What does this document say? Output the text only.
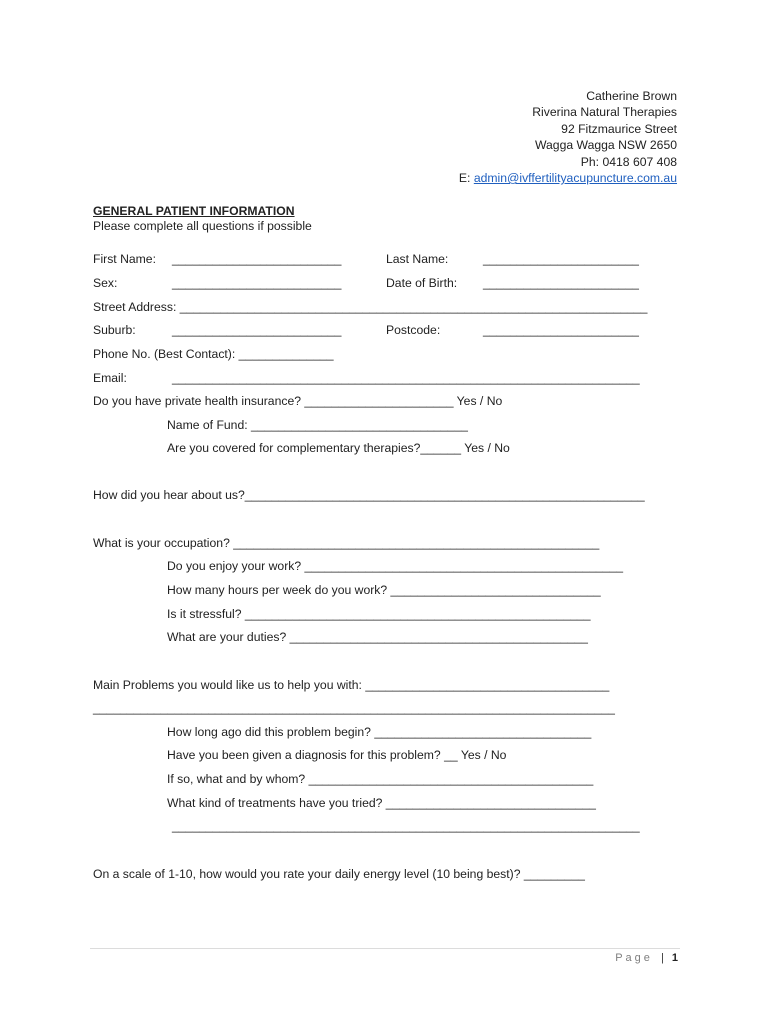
Catherine Brown
Riverina Natural Therapies
92 Fitzmaurice Street
Wagga Wagga NSW 2650
Ph: 0418 607 408
E: admin@ivffertilityacupuncture.com.au
GENERAL PATIENT INFORMATION
Please complete all questions if possible
First Name: _________________________	Last Name:	_______________________
Sex:	_________________________	Date of Birth: _______________________
Street Address: _____________________________________________________________________
Suburb:	_________________________	Postcode:	_______________________
Phone No. (Best Contact): ______________
Email:	_____________________________________________________________________
Do you have private health insurance? ______________________ Yes / No
Name of Fund: ________________________________
Are you covered for complementary therapies?______ Yes / No
How did you hear about us?___________________________________________________________
What is your occupation? ______________________________________________________
Do you enjoy your work? _______________________________________________
How many hours per week do you work? _______________________________
Is it stressful? ___________________________________________________
What are your duties? ____________________________________________
Main Problems you would like us to help you with: ____________________________________
_____________________________________________________________________________
How long ago did this problem begin? ________________________________
Have you been given a diagnosis for this problem? __ Yes / No
If so, what and by whom? __________________________________________
What kind of treatments have you tried? _______________________________
_____________________________________________________________________
On a scale of 1-10, how would you rate your daily energy level (10 being best)? _________
Page | 1
